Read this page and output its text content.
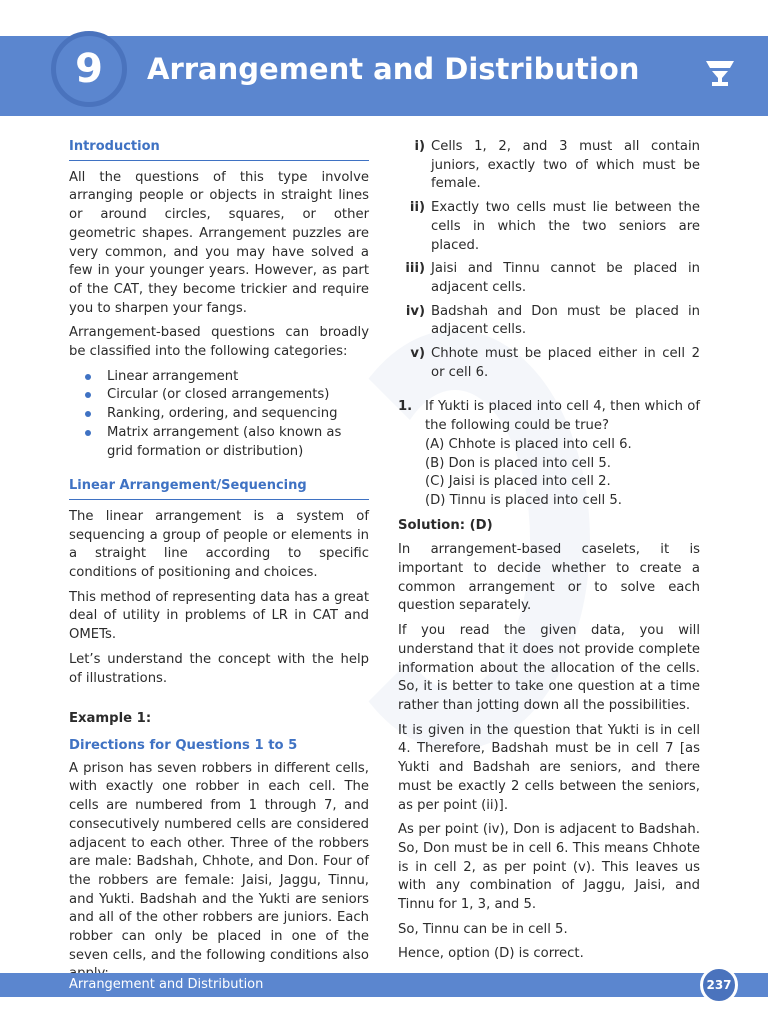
9	Arrangement and Distribution
Introduction

All the questions of this type involve arranging people or objects in straight lines or around circles, squares, or other geometric shapes. Arrangement puzzles are very common, and you may have solved a few in your younger years. However, as part of the CAT, they become trickier and require you to sharpen your fangs.

Arrangement-based questions can broadly be classified into the following categories:

Linear arrangement
Circular (or closed arrangements)
Ranking, ordering, and sequencing
Matrix arrangement (also known as grid formation or distribution)
Linear Arrangement/Sequencing

The linear arrangement is a system of sequencing a group of people or elements in a straight line according to specific conditions of positioning and choices.

This method of representing data has a great deal of utility in problems of LR in CAT and OMETs.

Let’s understand the concept with the help of illustrations.

Example 1:
Directions for Questions 1 to 5

A prison has seven robbers in different cells, with exactly one robber in each cell. The cells are numbered from 1 through 7, and consecutively numbered cells are considered adjacent to each other. Three of the robbers are male: Badshah, Chhote, and Don. Four of the robbers are female: Jaisi, Jaggu, Tinnu, and Yukti. Badshah and the Yukti are seniors and all of the other robbers are juniors. Each robber can only be placed in one of the seven cells, and the following conditions also

i) Cells 1, 2, and 3 must all contain juniors, exactly two of which must be female.
ii) Exactly two cells must lie between the cells in which the two seniors are placed.
iii) Jaisi and Tinnu cannot be placed in adjacent cells.
iv) Badshah and Don must be placed in adjacent cells.
v) Chhote must be placed either in cell 2 or cell 6.
1. If Yukti is placed into cell 4, then which of the following could be true?

(A) Chhote is placed into cell 6.
(B) Don is placed into cell 5.
(C) Jaisi is placed into cell 2.
(D) Tinnu is placed into cell 5.
Solution: (D)

In arrangement-based caselets, it is important to decide whether to create a common arrangement or to solve each question separately.

If you read the given data, you will understand that it does not provide complete information about the allocation of the cells. So, it is better to take one question at a time rather than jotting down all the possibilities.

It is given in the question that Yukti is in cell 4. Therefore, Badshah must be in cell 7 [as Yukti and Badshah are seniors, and there must be exactly 2 cells between the seniors, as per point (ii)].

As per point (iv), Don is adjacent to Badshah. So, Don must be in cell 6. This means Chhote is in cell 2, as per point (v). This leaves us with any combination of Jaggu, Jaisi, and Tinnu for 1, 3, and 5.

So, Tinnu can be in cell 5.

Hence, option (D) is correct.

Arrangement and Distribution	237
